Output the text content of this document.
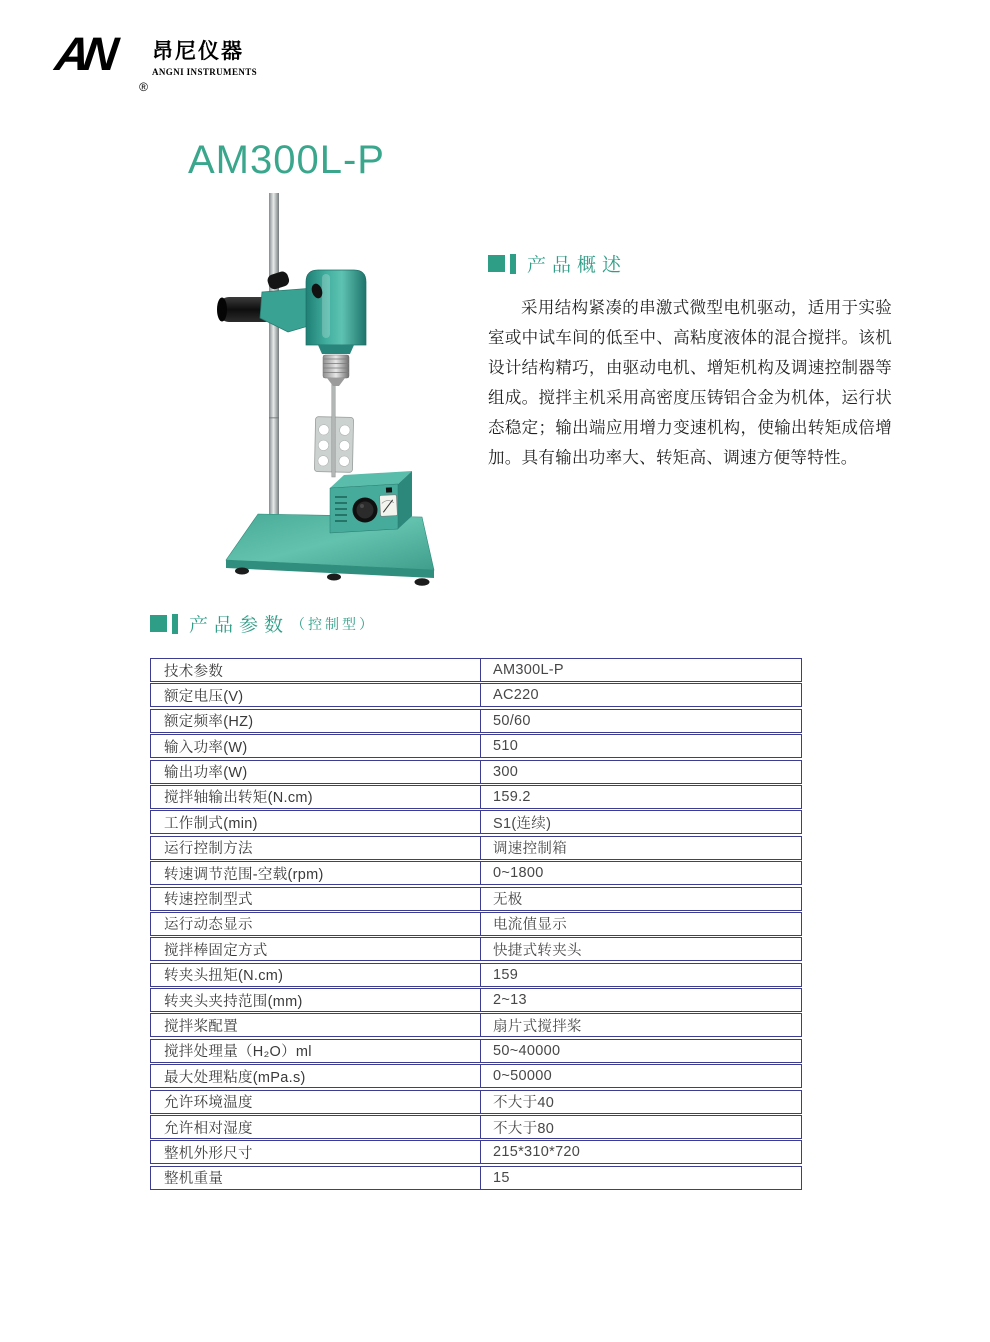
AN
®
昂尼仪器
ANGNI INSTRUMENTS
AM300L-P
产品概述

采用结构紧凑的串激式微型电机驱动，适用于实验室或中试车间的低至中、高粘度液体的混合搅拌。该机设计结构精巧，由驱动电机、增矩机构及调速控制器等组成。搅拌主机采用高密度压铸铝合金为机体，运行状态稳定；输出端应用增力变速机构，使输出转矩成倍增加。具有输出功率大、转矩高、调速方便等特性。

产品参数 （控制型）
技术参数	AM300L-P
额定电压(V)	AC220
额定频率(HZ)	50/60
输入功率(W)	510
输出功率(W)	300
搅拌轴输出转矩(N.cm)	159.2
工作制式(min)	S1(连续)
运行控制方法	调速控制箱
转速调节范围-空载(rpm)	0~1800
转速控制型式	无极
运行动态显示	电流值显示
搅拌棒固定方式	快捷式转夹头
转夹头扭矩(N.cm)	159
转夹头夹持范围(mm)	2~13
搅拌桨配置	扇片式搅拌桨
搅拌处理量（H₂O）ml	50~40000
最大处理粘度(mPa.s)	0~50000
允许环境温度	不大于40
允许相对湿度	不大于80
整机外形尺寸	215*310*720
整机重量	15
